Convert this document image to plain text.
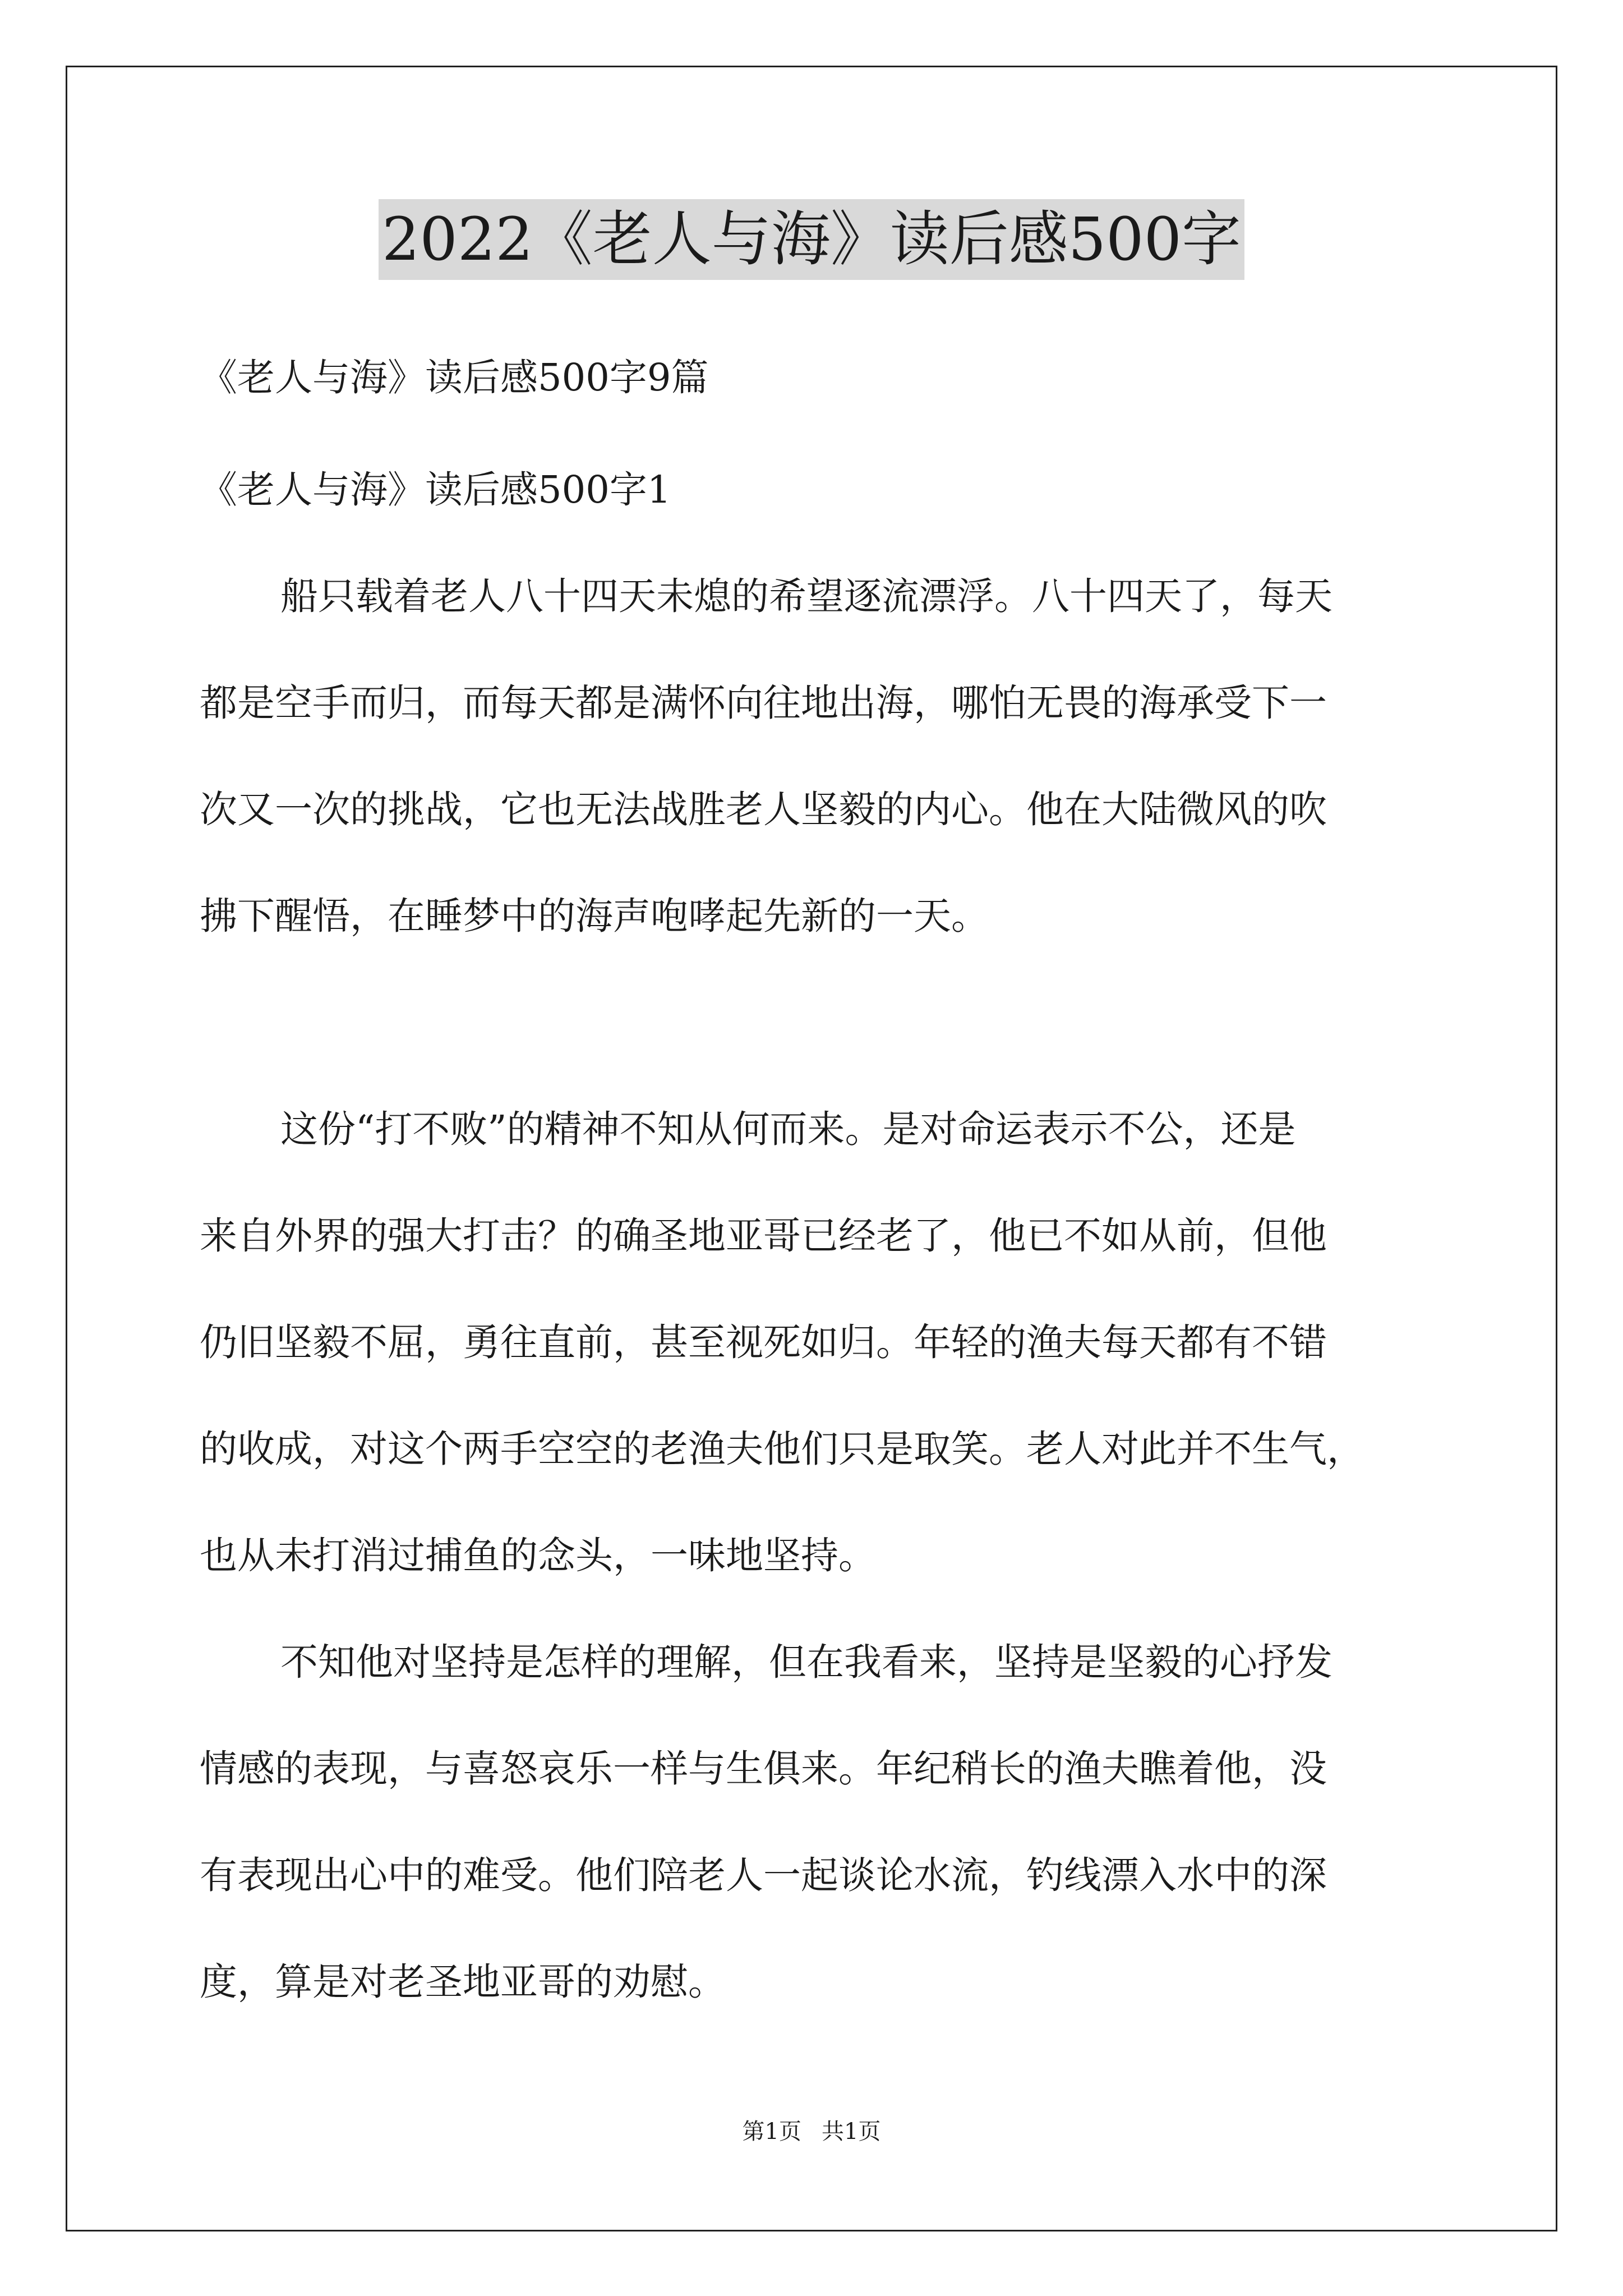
2022《老人与海》读后感500字
《老人与海》读后感500字9篇
《老人与海》读后感500字1
船只载着老人八十四天未熄的希望逐流漂浮。八十四天了，每天
都是空手而归，而每天都是满怀向往地出海，哪怕无畏的海承受下一
次又一次的挑战，它也无法战胜老人坚毅的内心。他在大陆微风的吹
拂下醒悟，在睡梦中的海声咆哮起先新的一天。
这份“打不败”的精神不知从何而来。是对命运表示不公，还是
来自外界的强大打击？的确圣地亚哥已经老了，他已不如从前，但他
仍旧坚毅不屈，勇往直前，甚至视死如归。年轻的渔夫每天都有不错
的收成，对这个两手空空的老渔夫他们只是取笑。老人对此并不生气，
也从未打消过捕鱼的念头，一味地坚持。
不知他对坚持是怎样的理解，但在我看来，坚持是坚毅的心抒发
情感的表现，与喜怒哀乐一样与生俱来。年纪稍长的渔夫瞧着他，没
有表现出心中的难受。他们陪老人一起谈论水流，钓线漂入水中的深
度，算是对老圣地亚哥的劝慰。
第1页 共1页
